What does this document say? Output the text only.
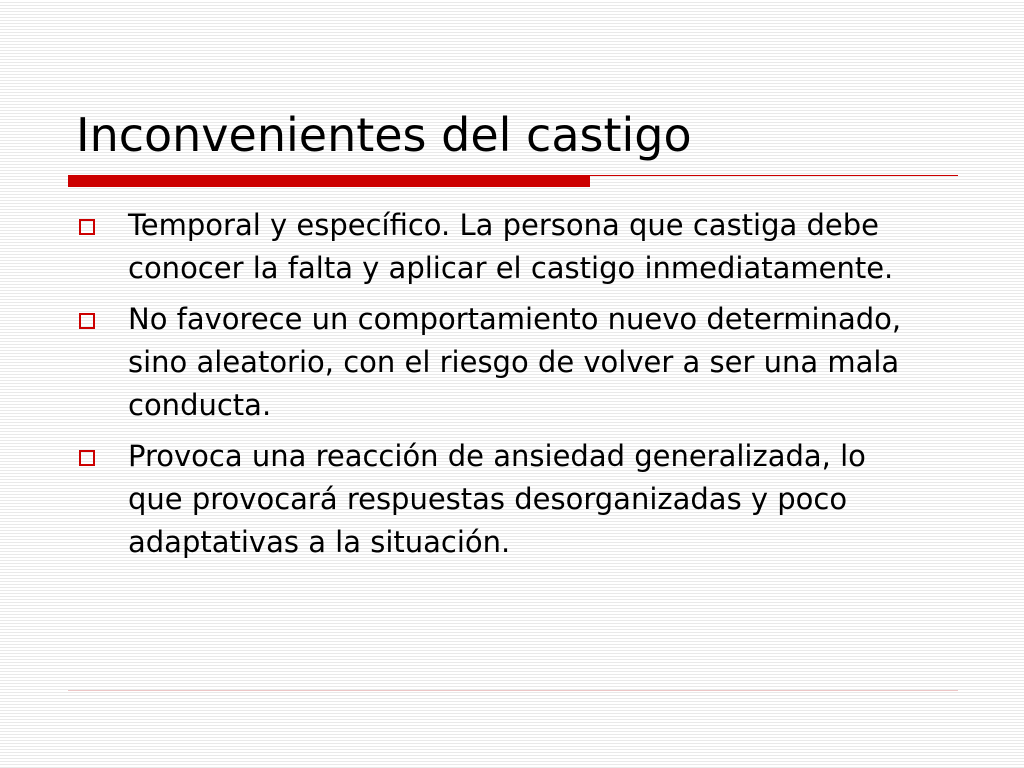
Inconvenientes del castigo
Temporal y específico. La persona que castiga debe conocer la falta y aplicar el castigo inmediatamente.
No favorece un comportamiento nuevo determinado, sino aleatorio, con el riesgo de volver a ser una mala conducta.
Provoca una reacción de ansiedad generalizada, lo que provocará respuestas desorganizadas y poco adaptativas a la situación.
